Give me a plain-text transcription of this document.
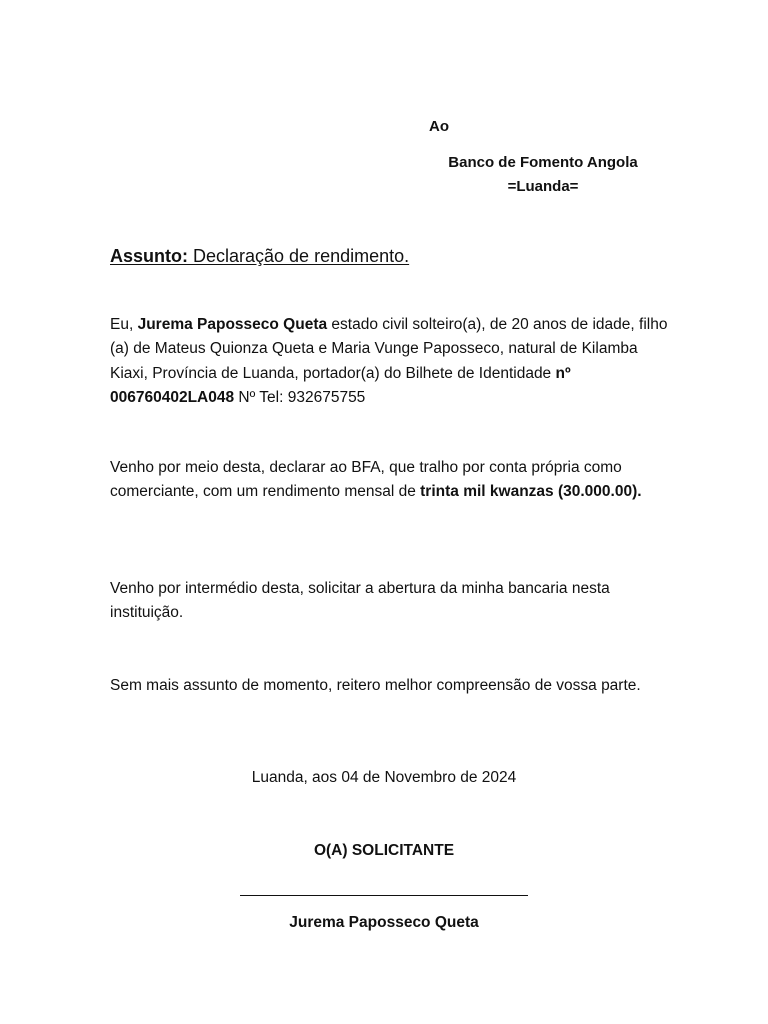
Ao
Banco de Fomento Angola
=Luanda=
Assunto: Declaração de rendimento.
Eu, Jurema Paposseco Queta estado civil solteiro(a), de 20 anos de idade, filho (a) de Mateus Quionza Queta e Maria Vunge Paposseco, natural de Kilamba Kiaxi, Província de Luanda, portador(a) do Bilhete de Identidade nº 006760402LA048 Nº Tel: 932675755
Venho por meio desta, declarar ao BFA, que tralho por conta própria como comerciante, com um rendimento mensal de trinta mil kwanzas (30.000.00).
Venho por intermédio desta, solicitar a abertura da minha bancaria nesta instituição.
Sem mais assunto de momento, reitero melhor compreensão de vossa parte.
Luanda, aos 04 de Novembro de 2024
O(A) SOLICITANTE
Jurema Paposseco Queta
